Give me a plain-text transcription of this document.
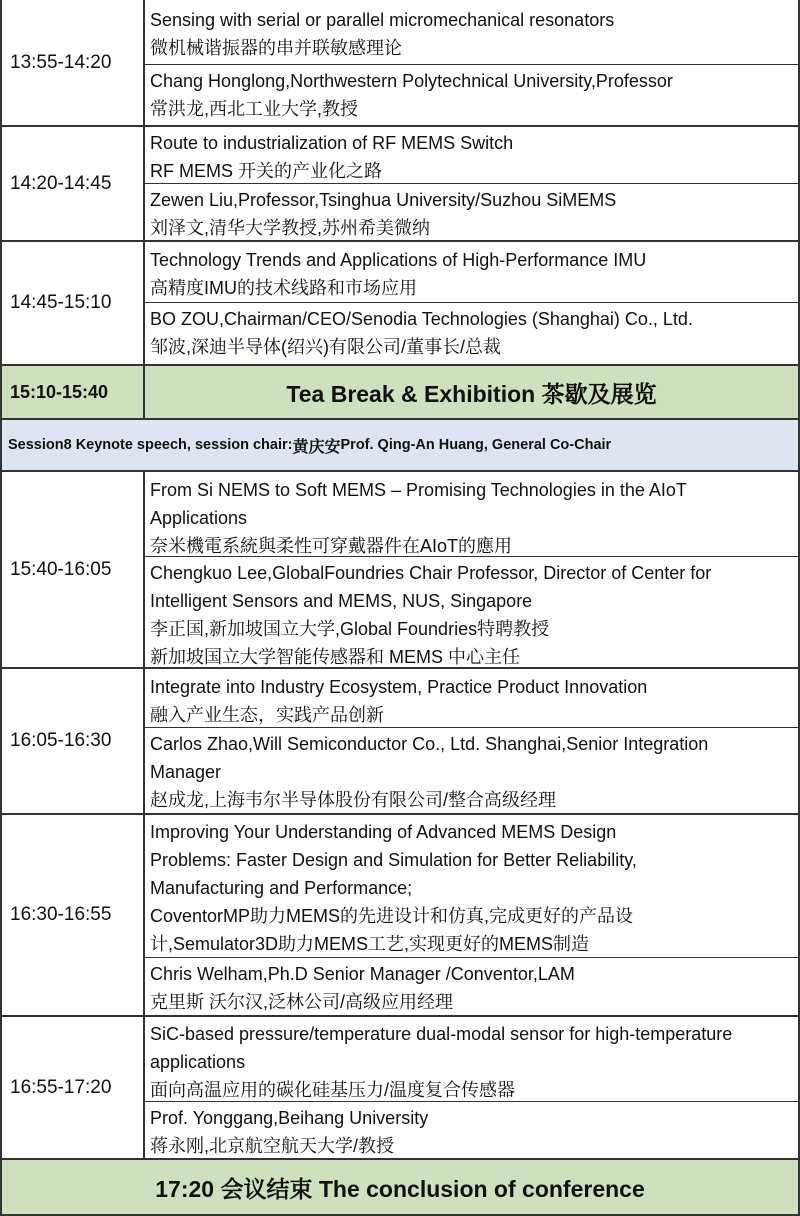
13:55-14:20
Sensing with serial or parallel micromechanical resonators
微机械谐振器的串并联敏感理论
Chang Honglong,Northwestern Polytechnical University,Professor
常洪龙,西北工业大学,教授
14:20-14:45
Route to industrialization of RF MEMS Switch
RF MEMS 开关的产业化之路
Zewen Liu,Professor,Tsinghua University/Suzhou SiMEMS
刘泽文,清华大学教授,苏州希美微纳
14:45-15:10
Technology Trends and Applications of High-Performance IMU
高精度IMU的技术线路和市场应用
BO ZOU,Chairman/CEO/Senodia Technologies (Shanghai) Co., Ltd.
邹波,深迪半导体(绍兴)有限公司/董事长/总裁
15:10-15:40	Tea Break & Exhibition 茶歇及展览
Session8 Keynote speech, session chair: 黄庆安 Prof. Qing-An Huang, General Co-Chair
15:40-16:05
From Si NEMS to Soft MEMS – Promising Technologies in the AIoT
Applications
奈米機電系統與柔性可穿戴器件在AIoT的應用
Chengkuo Lee,GlobalFoundries Chair Professor, Director of Center for
Intelligent Sensors and MEMS, NUS, Singapore
李正国,新加坡国立大学,Global Foundries特聘教授
新加坡国立大学智能传感器和 MEMS 中心主任
16:05-16:30
Integrate into Industry Ecosystem, Practice Product Innovation
融入产业生态，实践产品创新
Carlos Zhao,Will Semiconductor Co., Ltd. Shanghai,Senior Integration
Manager
赵成龙,上海韦尔半导体股份有限公司/整合高级经理
16:30-16:55
Improving Your Understanding of Advanced MEMS Design
Problems: Faster Design and Simulation for Better Reliability,
Manufacturing and Performance;
CoventorMP助力MEMS的先进设计和仿真,完成更好的产品设
计,Semulator3D助力MEMS工艺,实现更好的MEMS制造
Chris Welham,Ph.D Senior Manager /Conventor,LAM
克里斯 沃尔汉,泛林公司/高级应用经理
16:55-17:20
SiC-based pressure/temperature dual-modal sensor for high-temperature
applications
面向高温应用的碳化硅基压力/温度复合传感器
Prof. Yonggang,Beihang University
蒋永刚,北京航空航天大学/教授
17:20 会议结束 The conclusion of conference
